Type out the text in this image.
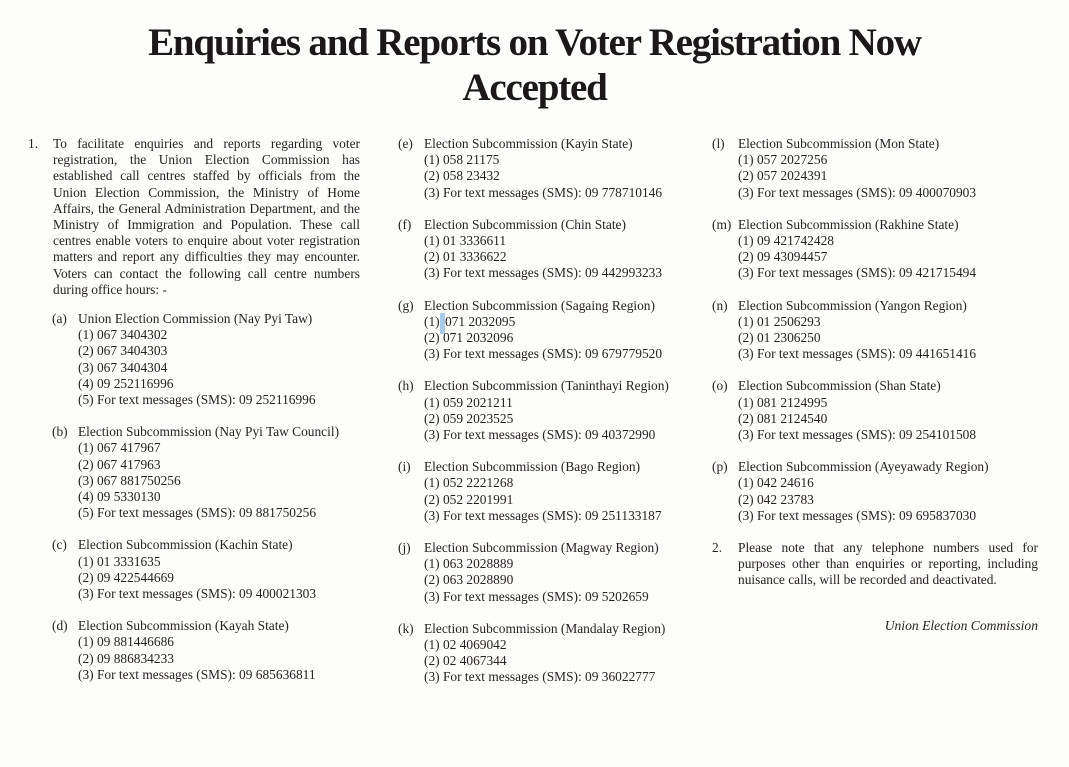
Enquiries and Reports on Voter Registration Now
Accepted
1.	To facilitate enquiries and reports regarding voter registration, the Union Election Commission has established call centres staffed by officials from the Union Election Commission, the Ministry of Home Affairs, the General Administration Department, and the Ministry of Immigration and Population. These call centres enable voters to enquire about voter registration matters and report any difficulties they may encounter. Voters can contact the following call centre numbers during office hours: -
(a) Union Election Commission (Nay Pyi Taw)
(1) 067 3404302
(2) 067 3404303
(3) 067 3404304
(4) 09 252116996
(5) For text messages (SMS): 09 252116996
(b) Election Subcommission (Nay Pyi Taw Council)
(1) 067 417967
(2) 067 417963
(3) 067 881750256
(4) 09 5330130
(5) For text messages (SMS): 09 881750256
(c) Election Subcommission (Kachin State)
(1) 01 3331635
(2) 09 422544669
(3) For text messages (SMS): 09 400021303
(d) Election Subcommission (Kayah State)
(1) 09 881446686
(2) 09 886834233
(3) For text messages (SMS): 09 685636811
(e) Election Subcommission (Kayin State)
(1) 058 21175
(2) 058 23432
(3) For text messages (SMS): 09 778710146
(f) Election Subcommission (Chin State)
(1) 01 3336611
(2) 01 3336622
(3) For text messages (SMS): 09 442993233
(g) Election Subcommission (Sagaing Region)
(1) 071 2032095
(2) 071 2032096
(3) For text messages (SMS): 09 679779520
(h) Election Subcommission (Taninthayi Region)
(1) 059 2021211
(2) 059 2023525
(3) For text messages (SMS): 09 40372990
(i) Election Subcommission (Bago Region)
(1) 052 2221268
(2) 052 2201991
(3) For text messages (SMS): 09 251133187
(j) Election Subcommission (Magway Region)
(1) 063 2028889
(2) 063 2028890
(3) For text messages (SMS): 09 5202659
(k) Election Subcommission (Mandalay Region)
(1) 02 4069042
(2) 02 4067344
(3) For text messages (SMS): 09 36022777
(l) Election Subcommission (Mon State)
(1) 057 2027256
(2) 057 2024391
(3) For text messages (SMS): 09 400070903
(m) Election Subcommission (Rakhine State)
(1) 09 421742428
(2) 09 43094457
(3) For text messages (SMS): 09 421715494
(n) Election Subcommission (Yangon Region)
(1) 01 2506293
(2) 01 2306250
(3) For text messages (SMS): 09 441651416
(o) Election Subcommission (Shan State)
(1) 081 2124995
(2) 081 2124540
(3) For text messages (SMS): 09 254101508
(p) Election Subcommission (Ayeyawady Region)
(1) 042 24616
(2) 042 23783
(3) For text messages (SMS): 09 695837030
2.	Please note that any telephone numbers used for purposes other than enquiries or reporting, including nuisance calls, will be recorded and deactivated.
Union Election Commission
